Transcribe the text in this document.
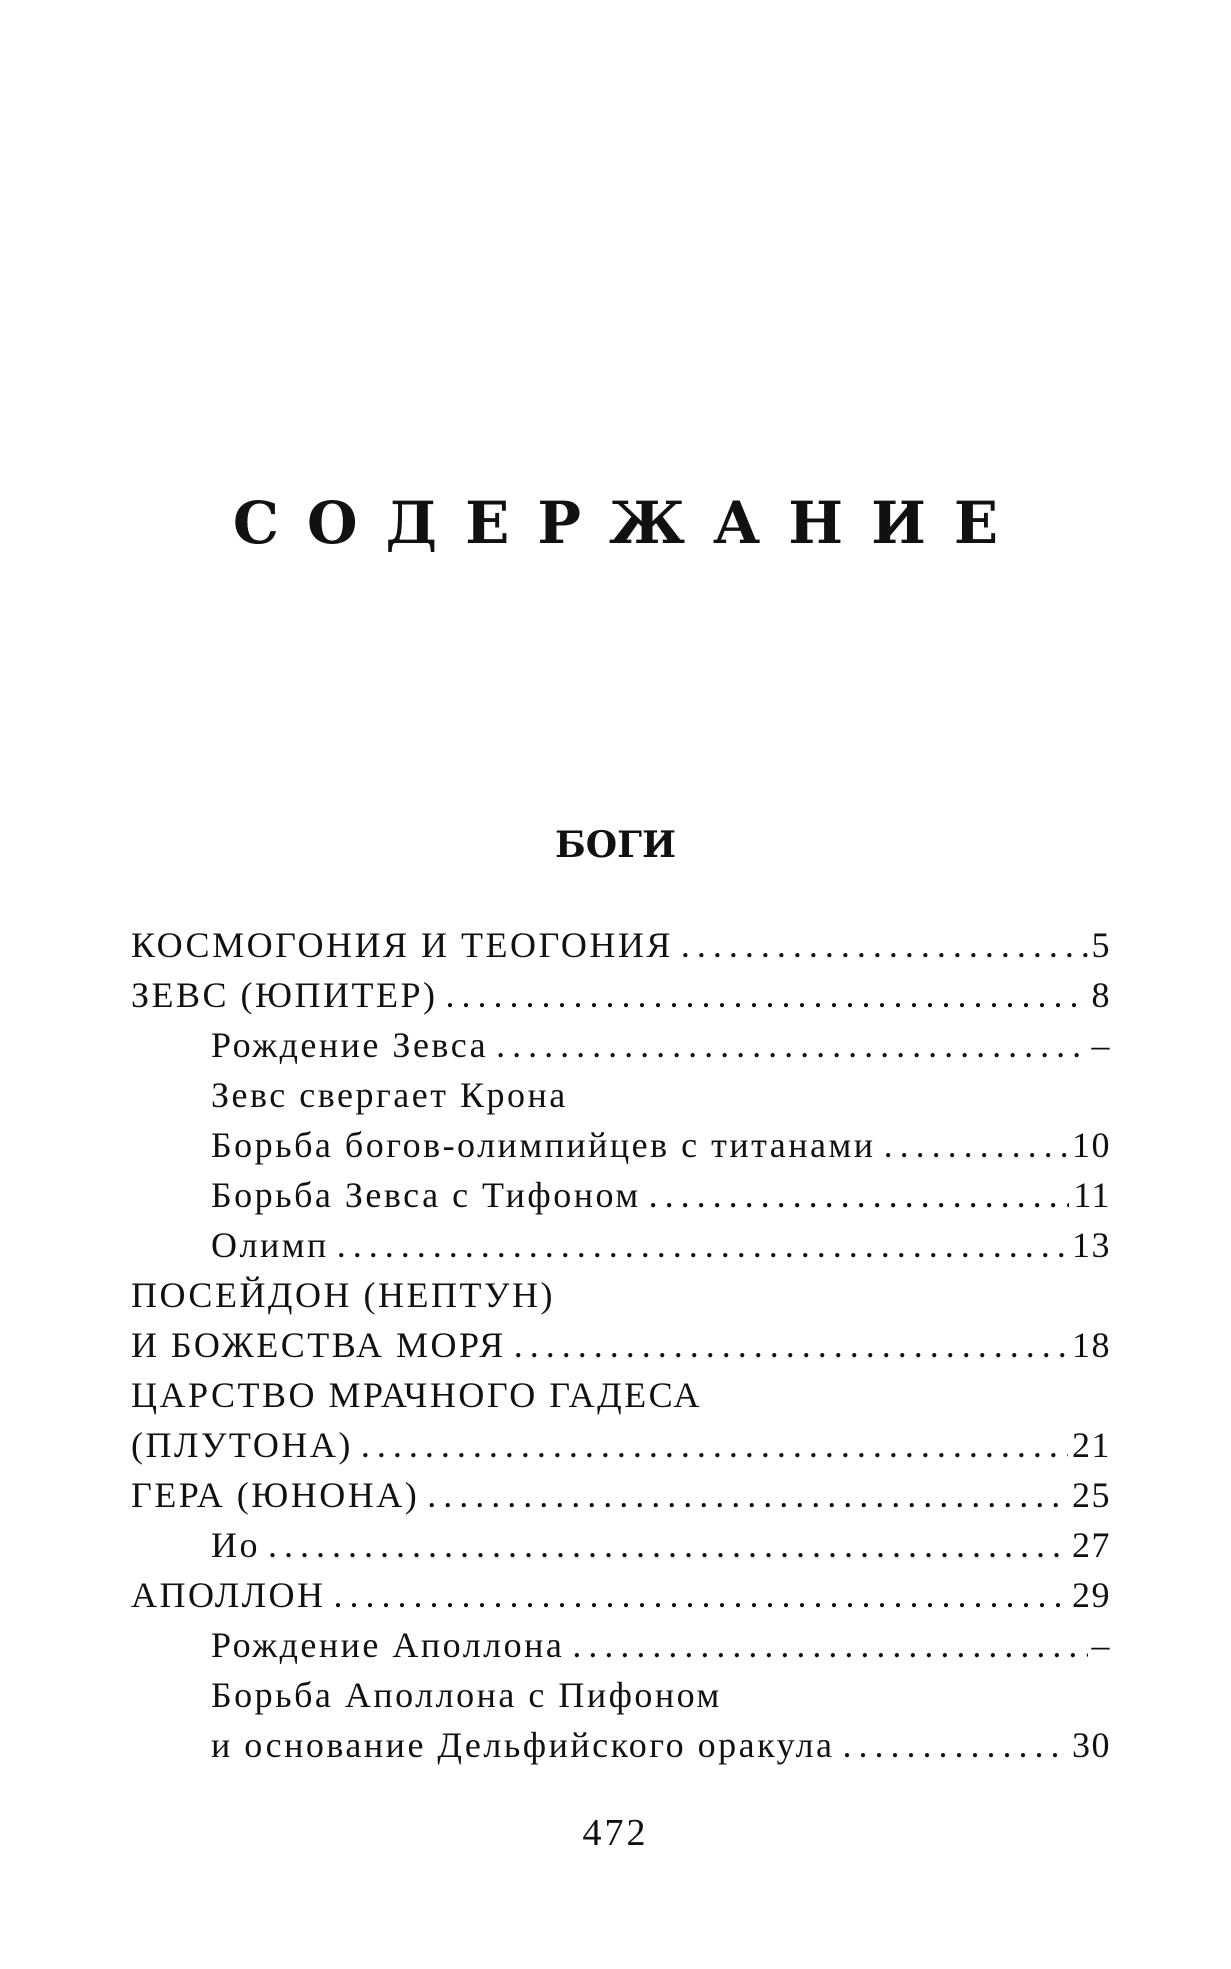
СОДЕРЖАНИЕ
БОГИ
КОСМОГОНИЯ И ТЕОГОНИЯ .....	5
ЗЕВС (ЮПИТЕР) .....	8
Рождение Зевса .....	–
Зевс свергает Крона
Борьба богов-олимпийцев с титанами .....	10
Борьба Зевса с Тифоном .....	11
Олимп .....	13
ПОСЕЙДОН (НЕПТУН)
И БОЖЕСТВА МОРЯ .....	18
ЦАРСТВО МРАЧНОГО ГАДЕСА
(ПЛУТОНА) .....	21
ГЕРА (ЮНОНА) .....	25
Ио .....	27
АПОЛЛОН .....	29
Рождение Аполлона .....	–
Борьба Аполлона с Пифоном
и основание Дельфийского оракула .....	30
472
